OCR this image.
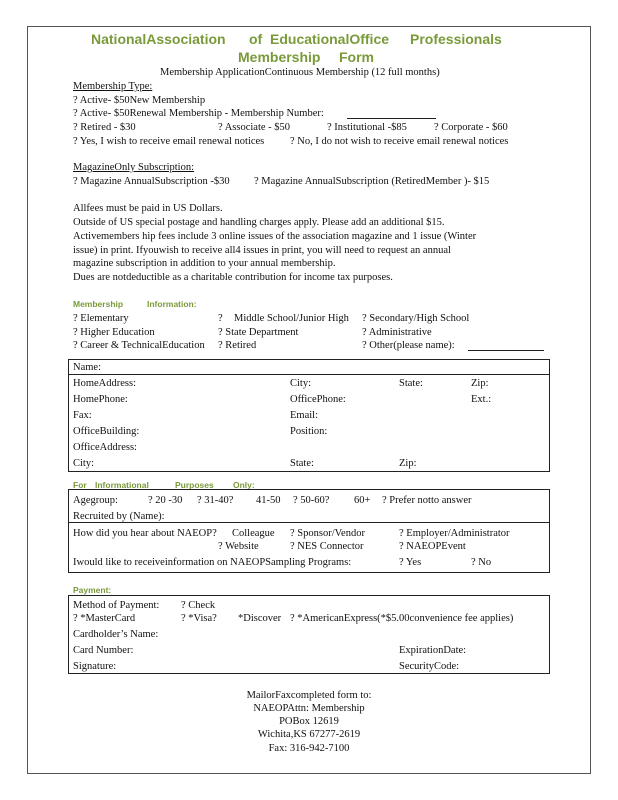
NationalAssociation of EducationalOffice Professionals
Membership Form
Membership ApplicationContinuous Membership (12 full months)
Membership Type:
? Active- $50New Membership
? Active- $50Renewal Membership - Membership Number:
? Retired - $30	? Associate - $50	? Institutional -$85	? Corporate - $60
? Yes, I wish to receive email renewal notices ? No, I do not wish to receive email renewal notices
MagazineOnly Subscription:
? Magazine AnnualSubscription -$30 ? Magazine AnnualSubscription (RetiredMember )- $15
Allfees must be paid in US Dollars.
Outside of US special postage and handling charges apply. Please add an additional $15.
Activemembers hip fees include 3 online issues of the association magazine and 1 issue (Winter
issue) in print. Ifyouwish to receive all4 issues in print, you will need to request an annual
magazine subscription in addition to your annual membership.
Dues are notdeductible as a charitable contribution for income tax purposes.
Membership	Information:
? Elementary	? Middle School/Junior High ? Secondary/High School
? Higher Education	? State Department	? Administrative
? Career & TechnicalEducation ? Retired	? Other(please name):
Name:
HomeAddress:	City:	State:	Zip:
HomePhone:	OfficePhone:	Ext.:
Fax:	Email:
OfficeBuilding:	Position:
OfficeAddress:
City:	State:	Zip:
For Informational	Purposes Only:
Agegroup:	? 20 -30 ? 31-40? 41-50 ? 50-60? 60+ ? Prefer notto answer
Recruited by (Name):
How did you hear about NAEOP? Colleague ? Sponsor/Vendor	? Employer/Administrator
? Website	? NES Connector	? NAEOPEvent
Iwould like to receiveinformation on NAEOPSampling Programs:	? Yes	? No
Payment:
Method of Payment: ? Check
? *MasterCard	? *Visa? *Discover ? *AmericanExpress(*$5.00convenience fee applies)
Cardholder’s Name:
Card Number:	ExpirationDate:
Signature:	SecurityCode:
MailorFaxcompleted form to:
NAEOPAttn: Membership
POBox 12619
Wichita,KS 67277-2619
Fax: 316-942-7100
